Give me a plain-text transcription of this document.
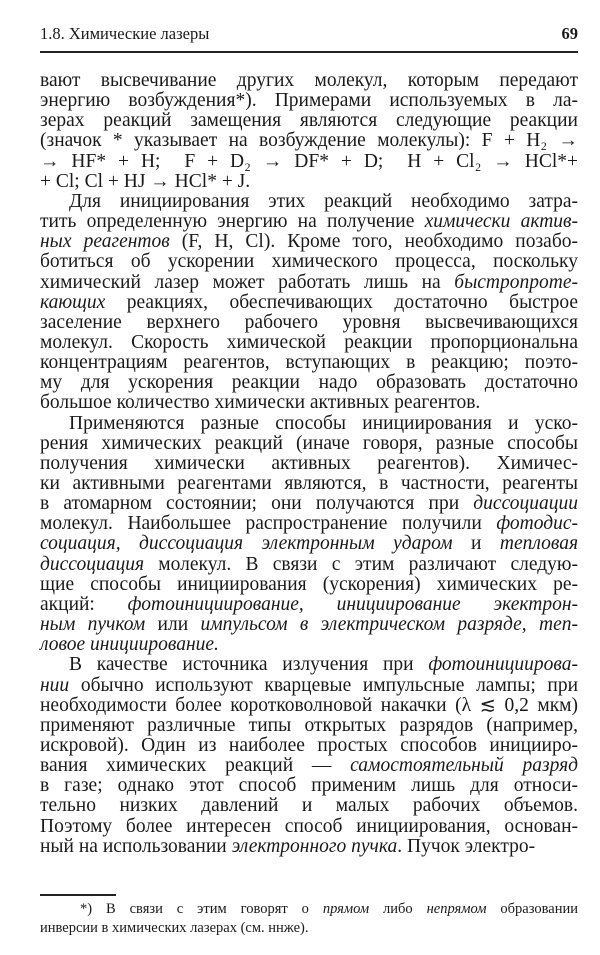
1.8. Химические лазеры	69
вают высвечивание других молекул, которым передают
энергию возбуждения*). Примерами используемых в ла-
зерах реакций замещения являются следующие реакции
(значок * указывает на возбуждение молекулы): F + H₂ →
→ HF* + H;  F + D₂ → DF* + D;  H + Cl₂ → HCl*+
+ Cl; Cl + HJ → HCl* + J.
Для инициирования этих реакций необходимо затра-
тить определенную энергию на получение химически актив-
ных реагентов (F, H, Cl). Кроме того, необходимо позабо-
ботиться об ускорении химического процесса, поскольку
химический лазер может работать лишь на быстропроте-
кающих реакциях, обеспечивающих достаточно быстрое
заселение верхнего рабочего уровня высвечивающихся
молекул. Скорость химической реакции пропорциональна
концентрациям реагентов, вступающих в реакцию; поэто-
му для ускорения реакции надо образовать достаточно
большое количество химически активных реагентов.
Применяются разные способы инициирования и уско-
рения химических реакций (иначе говоря, разные способы
получения химически активных реагентов). Химичес-
ки активными реагентами являются, в частности, реагенты
в атомарном состоянии; они получаются при диссоциации
молекул. Наибольшее распространение получили фотодис-
социация, диссоциация электронным ударом и тепловая
диссоциация молекул. В связи с этим различают следую-
щие способы инициирования (ускорения) химических ре-
акций: фотоинициирование, инициирование экектрон-
ным пучком или импульсом в электрическом разряде, теп-
ловое инициирование.
В качестве источника излучения при фотоинициирова-
нии обычно используют кварцевые импульсные лампы; при
необходимости более коротковолновой накачки (λ ≲ 0,2 мкм)
применяют различные типы открытых разрядов (например,
искровой). Один из наиболее простых способов иницииро-
вания химических реакций — самостоятельный разряд
в газе; однако этот способ применим лишь для относи-
тельно низких давлений и малых рабочих объемов.
Поэтому более интересен способ инициирования, основан-
ный на использовании электронного пучка. Пучок электро-
*) В связи с этим говорят о прямом либо непрямом образовании
инверсии в химических лазерах (см. ннже).
